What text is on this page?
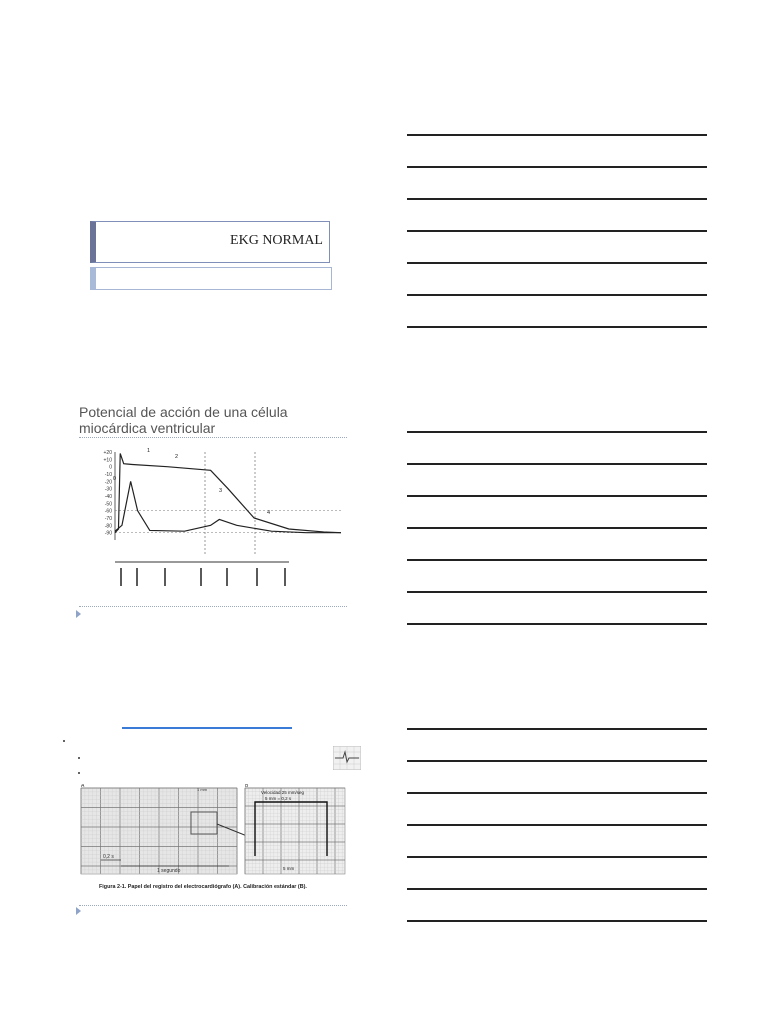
EKG NORMAL
Potencial de acción de una célula miocárdica ventricular
+20
+10
0
-10
-20
-30
-40
-50
-60
-70
-80
-90
0
1
2
3
4
A
0,2 s
1 segundo
1 mm
B
Velocidad 25 mm/seg
5 mm = 0,2 s
5 mm
Figura 2-1. Papel del registro del electrocardiógrafo (A). Calibración estándar (B).
